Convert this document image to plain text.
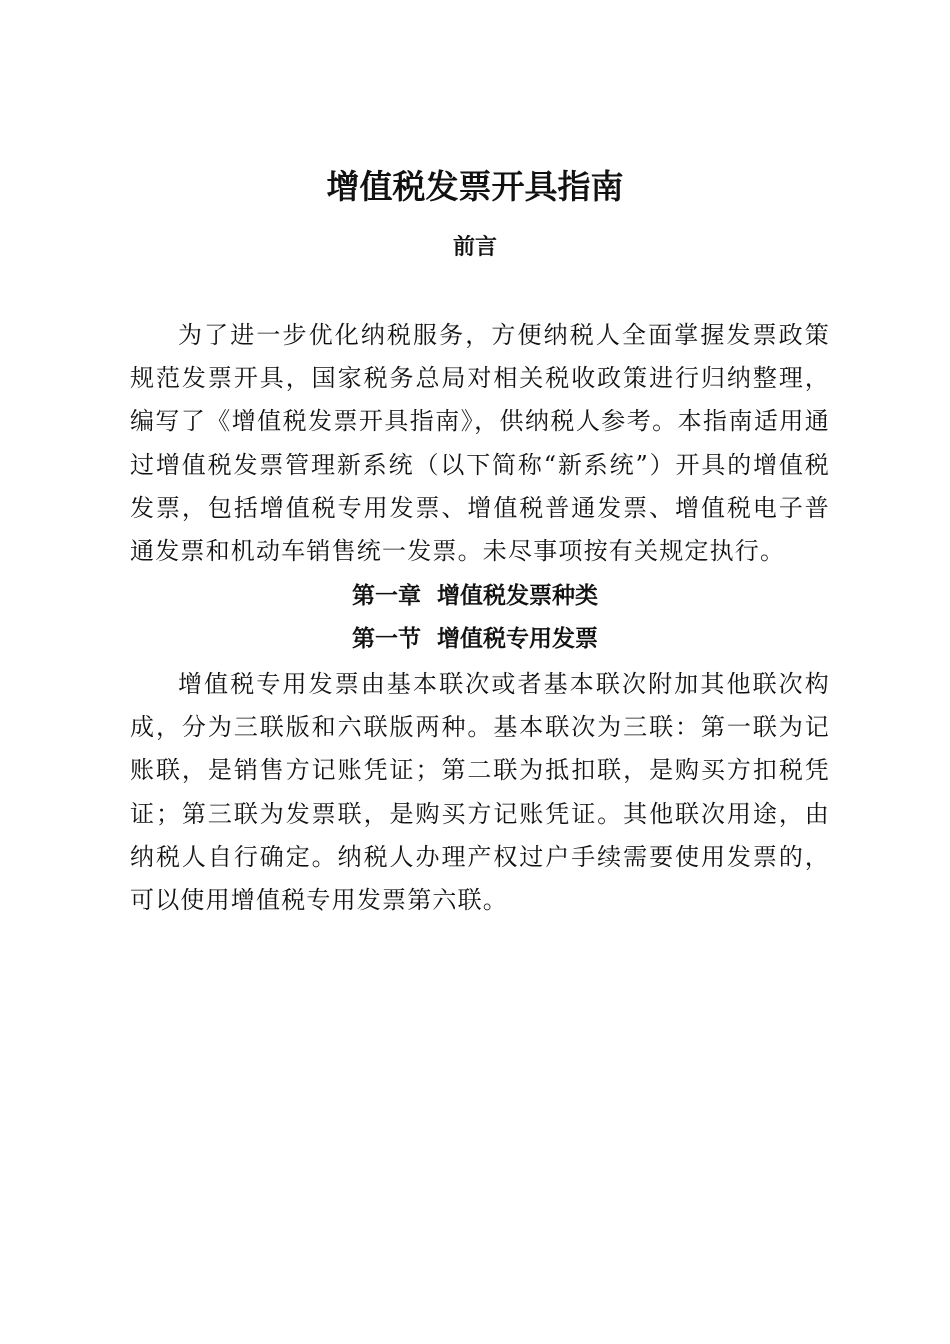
增值税发票开具指南
前言

为了进一步优化纳税服务，方便纳税人全面掌握发票政策规范发票开具，国家税务总局对相关税收政策进行归纳整理，编写了《增值税发票开具指南》，供纳税人参考。本指南适用通过增值税发票管理新系统（以下简称“新系统”）开具的增值税发票，包括增值税专用发票、增值税普通发票、增值税电子普通发票和机动车销售统一发票。未尽事项按有关规定执行。

第一章  增值税发票种类
第一节  增值税专用发票

增值税专用发票由基本联次或者基本联次附加其他联次构成，分为三联版和六联版两种。基本联次为三联：第一联为记账联，是销售方记账凭证；第二联为抵扣联，是购买方扣税凭证；第三联为发票联，是购买方记账凭证。其他联次用途，由纳税人自行确定。纳税人办理产权过户手续需要使用发票的，可以使用增值税专用发票第六联。
